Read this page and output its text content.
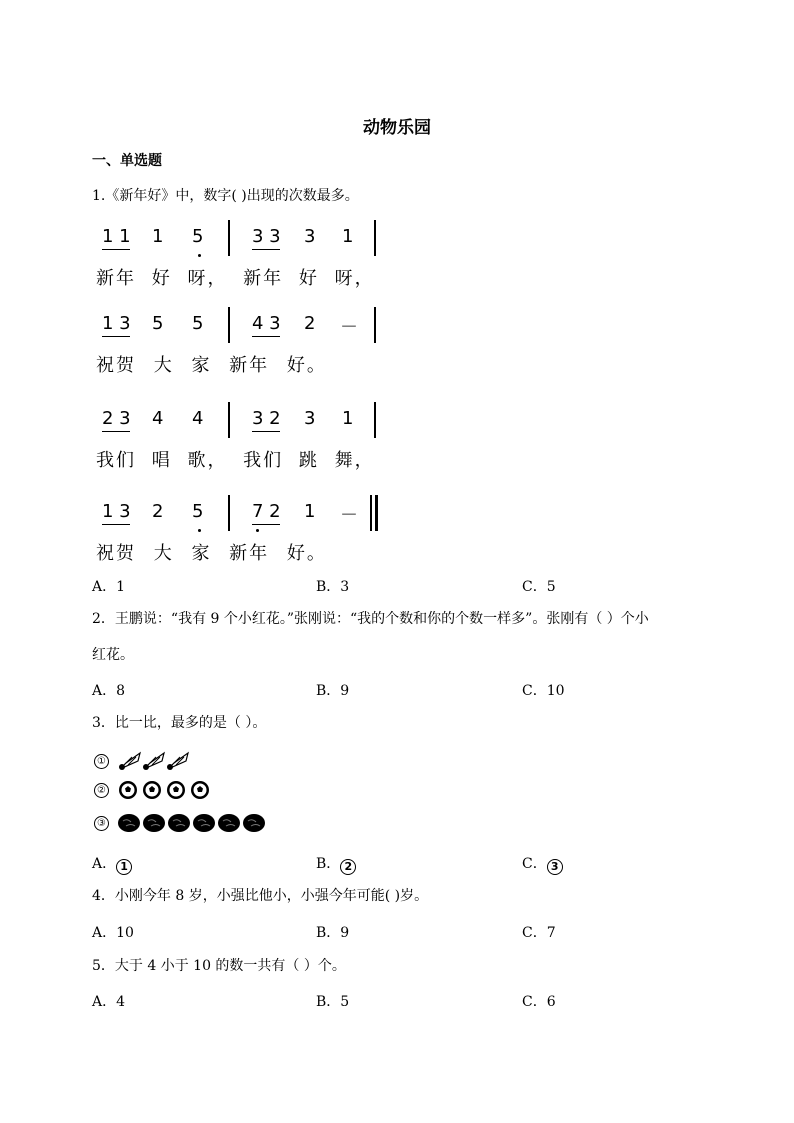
动物乐园
一、单选题
1.《新年好》中，数字( )出现的次数最多。
1 1 1 5	3 3 3 1
新年 好 呀， 新年 好 呀，
1 3 5 5	4 3 2 －
祝贺 大 家 新年 好。
2 3 4 4	3 2 3 1
我们 唱 歌， 我们 跳 舞，
1 3 2 5	7 2 1 －
祝贺 大 家 新年 好。
A．1	B．3	C．5
2．王鹏说：“我有 9 个小红花。”张刚说：“我的个数和你的个数一样多”。张刚有（ ）个小
红花。
A．8	B．9	C．10
3．比一比，最多的是（ ）。
①
②
③
A． 1	B． 2	C． 3
4．小刚今年 8 岁，小强比他小，小强今年可能( )岁。
A．10	B．9	C．7
5．大于 4 小于 10 的数一共有（ ）个。
A．4	B．5	C．6
